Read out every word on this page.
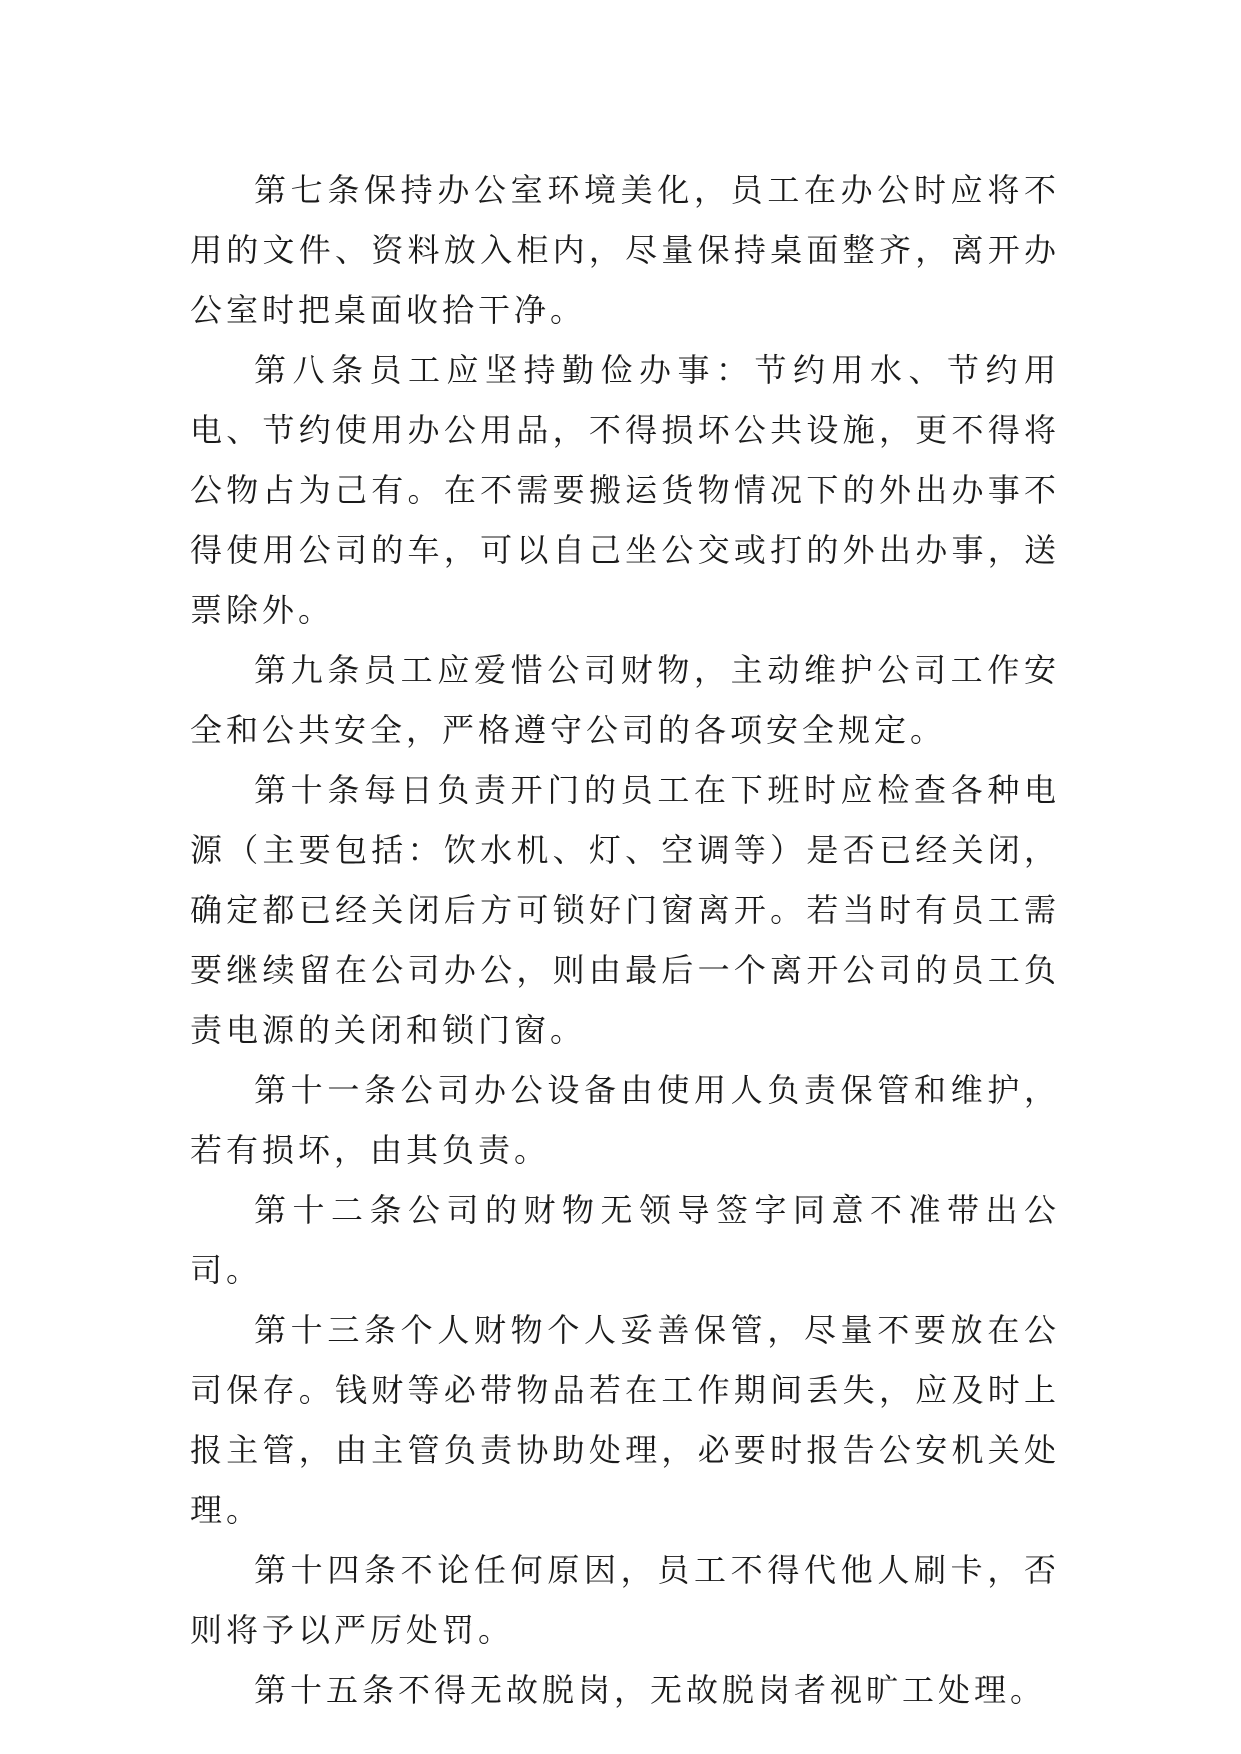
第七条保持办公室环境美化，员工在办公时应将不用的文件、资料放入柜内，尽量保持桌面整齐，离开办公室时把桌面收拾干净。

第八条员工应坚持勤俭办事：节约用水、节约用电、节约使用办公用品，不得损坏公共设施，更不得将公物占为己有。在不需要搬运货物情况下的外出办事不得使用公司的车，可以自己坐公交或打的外出办事，送票除外。

第九条员工应爱惜公司财物，主动维护公司工作安全和公共安全，严格遵守公司的各项安全规定。

第十条每日负责开门的员工在下班时应检查各种电源（主要包括：饮水机、灯、空调等）是否已经关闭，确定都已经关闭后方可锁好门窗离开。若当时有员工需要继续留在公司办公，则由最后一个离开公司的员工负责电源的关闭和锁门窗。

第十一条公司办公设备由使用人负责保管和维护，若有损坏，由其负责。

第十二条公司的财物无领导签字同意不准带出公司。

第十三条个人财物个人妥善保管，尽量不要放在公司保存。钱财等必带物品若在工作期间丢失，应及时上报主管，由主管负责协助处理，必要时报告公安机关处理。

第十四条不论任何原因，员工不得代他人刷卡，否则将予以严厉处罚。

第十五条不得无故脱岗，无故脱岗者视旷工处理。
